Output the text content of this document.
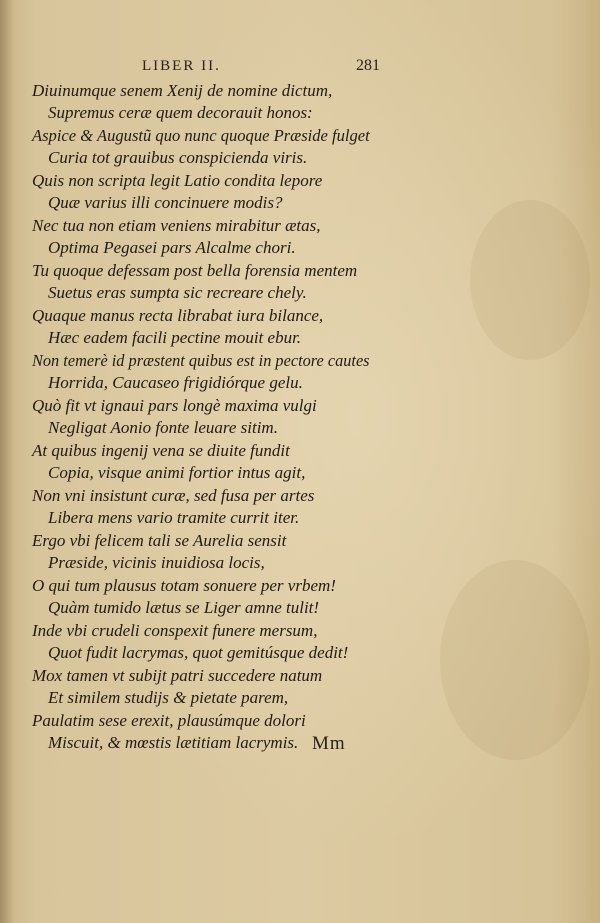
LIBER II.	281
Diuinumque senem Xenij de nomine dictum,
Supremus ceræ quem decorauit honos:
Aspice & Augustũ quo nunc quoque Præside fulget
Curia tot grauibus conspicienda viris.
Quis non scripta legit Latio condita lepore
Quæ varius illi concinuere modis?
Nec tua non etiam veniens mirabitur ætas,
Optima Pegasei pars Alcalme chori.
Tu quoque defessam post bella forensia mentem
Suetus eras sumpta sic recreare chely.
Quaque manus recta librabat iura bilance,
Hæc eadem facili pectine mouit ebur.
Non temerè id præstent quibus est in pectore cautes
Horrida, Caucaseo frigidiórque gelu.
Quò fit vt ignaui pars longè maxima vulgi
Negligat Aonio fonte leuare sitim.
At quibus ingenij vena se diuite fundit
Copia, visque animi fortior intus agit,
Non vni insistunt curæ, sed fusa per artes
Libera mens vario tramite currit iter.
Ergo vbi felicem tali se Aurelia sensit
Præside, vicinis inuidiosa locis,
O qui tum plausus totam sonuere per vrbem!
Quàm tumido lætus se Liger amne tulit!
Inde vbi crudeli conspexit funere mersum,
Quot fudit lacrymas, quot gemitúsque dedit!
Mox tamen vt subijt patri succedere natum
Et similem studijs & pietate parem,
Paulatim sese erexit, plausúmque dolori
Miscuit, & mœstis lætitiam lacrymis. Mm
